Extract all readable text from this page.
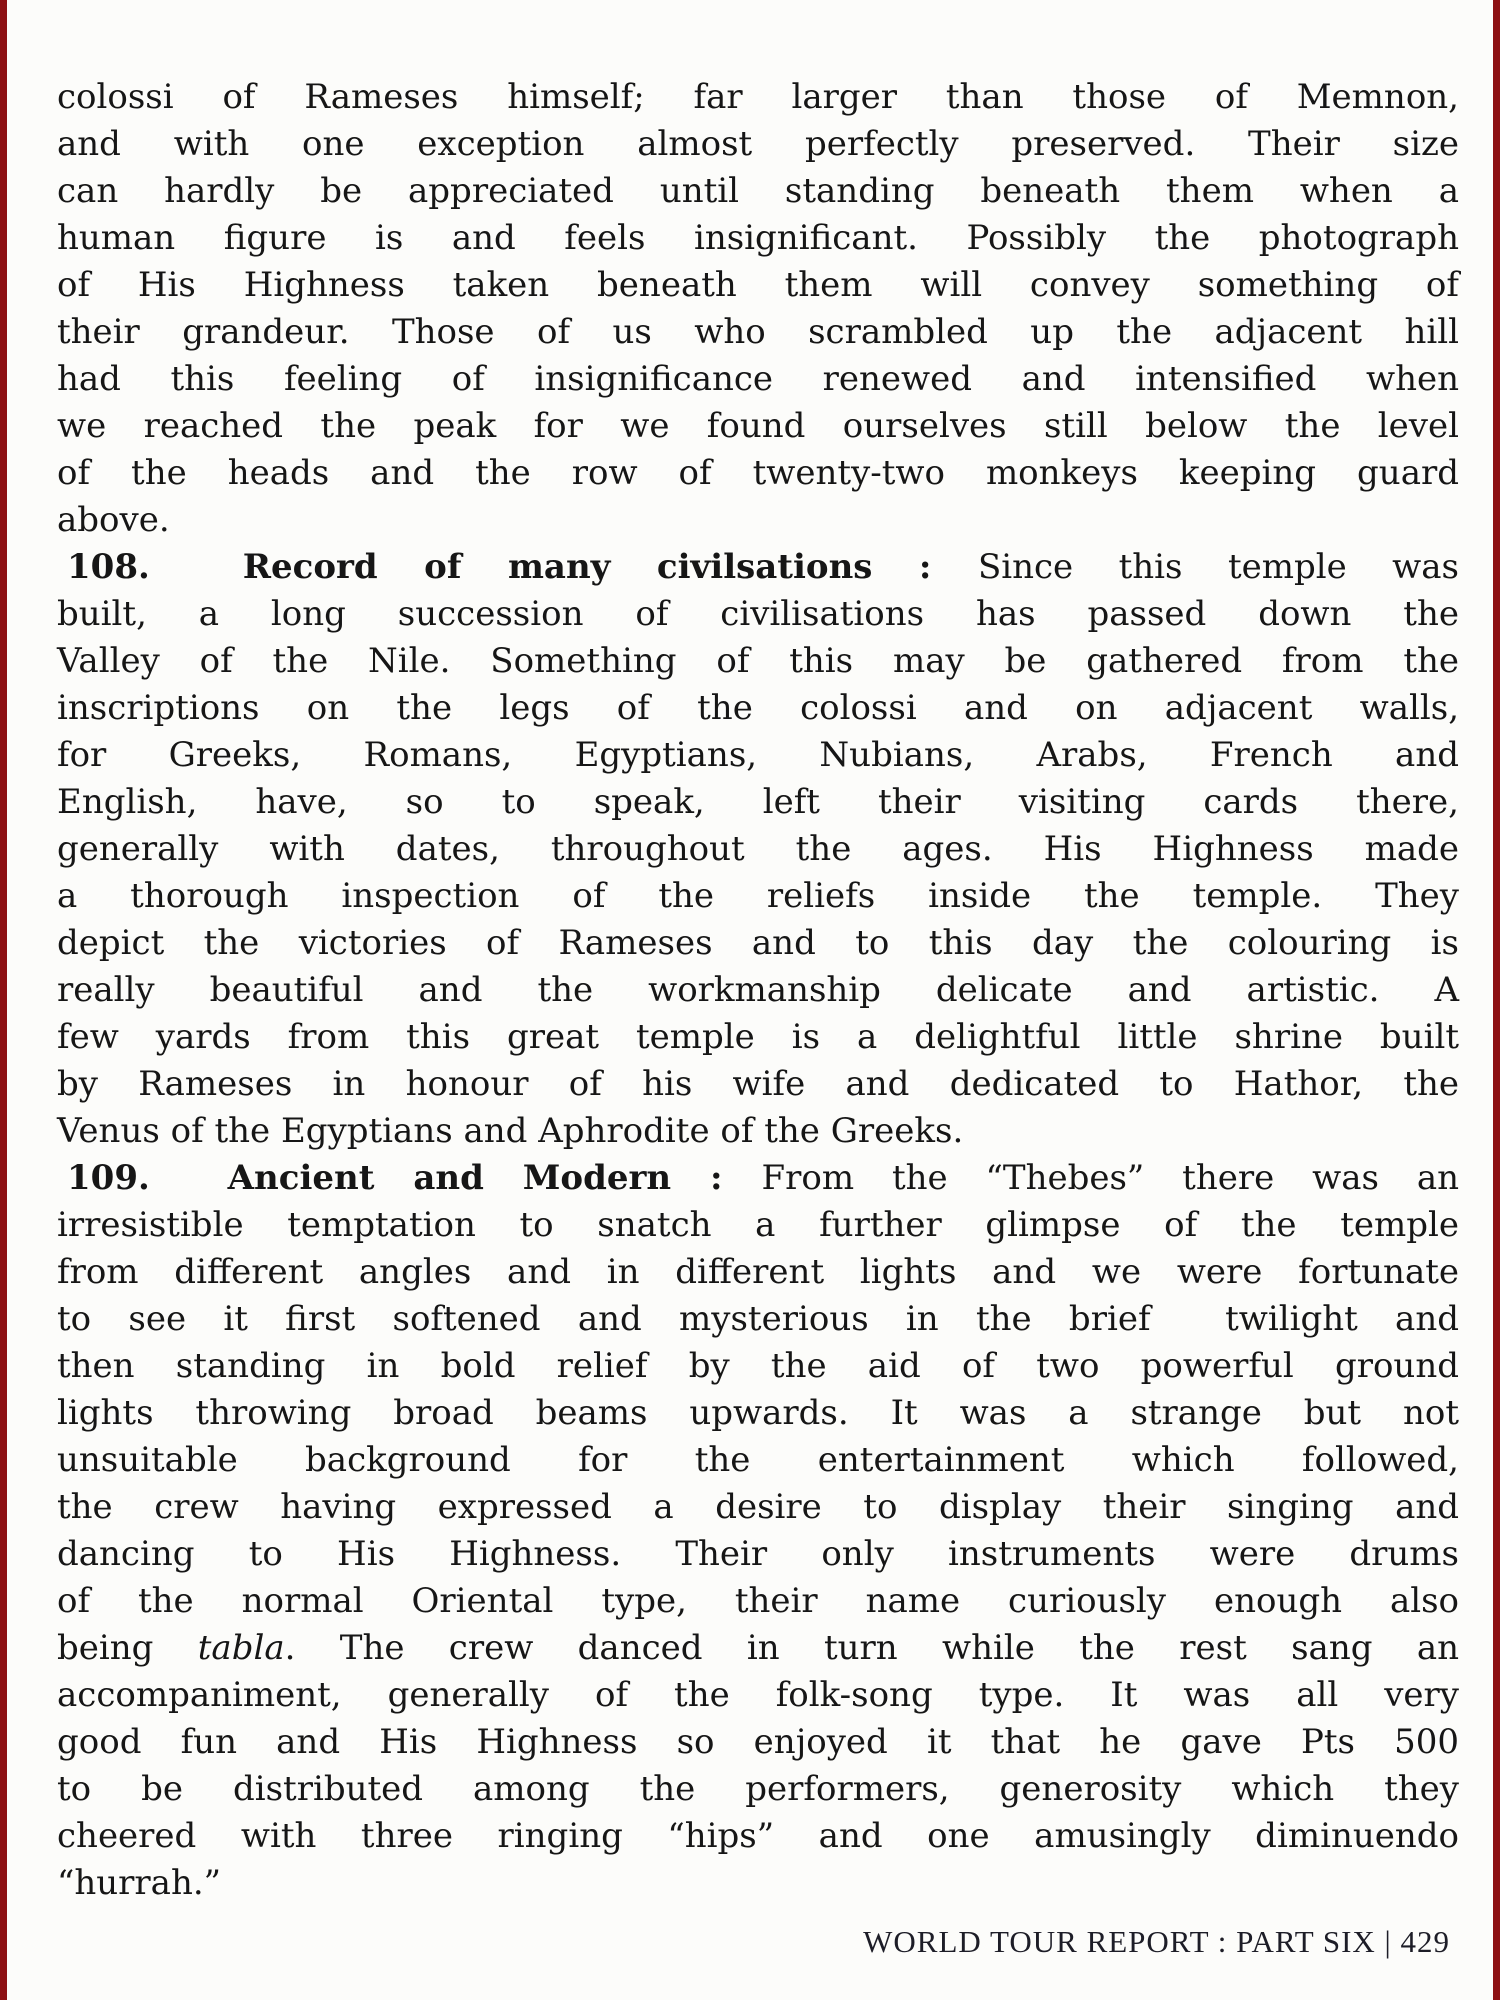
colossi of Rameses himself; far larger than those of Memnon,
and with one exception almost perfectly preserved. Their size
can hardly be appreciated until standing beneath them when a
human figure is and feels insignificant. Possibly the photograph
of His Highness taken beneath them will convey something of
their grandeur. Those of us who scrambled up the adjacent hill
had this feeling of insignificance renewed and intensified when
we reached the peak for we found ourselves still below the level
of the heads and the row of twenty-two monkeys keeping guard
above.
108.  Record of many civilsations : Since this temple was
built, a long succession of civilisations has passed down the
Valley of the Nile. Something of this may be gathered from the
inscriptions on the legs of the colossi and on adjacent walls,
for Greeks, Romans, Egyptians, Nubians, Arabs, French and
English, have, so to speak, left their visiting cards there,
generally with dates, throughout the ages. His Highness made
a thorough inspection of the reliefs inside the temple. They
depict the victories of Rameses and to this day the colouring is
really beautiful and the workmanship delicate and artistic. A
few yards from this great temple is a delightful little shrine built
by Rameses in honour of his wife and dedicated to Hathor, the
Venus of the Egyptians and Aphrodite of the Greeks.
109.  Ancient and Modern : From the “Thebes” there was an
irresistible temptation to snatch a further glimpse of the temple
from different angles and in different lights and we were fortunate
to see it first softened and mysterious in the brief  twilight and
then standing in bold relief by the aid of two powerful ground
lights throwing broad beams upwards. It was a strange but not
unsuitable background for the entertainment which followed,
the crew having expressed a desire to display their singing and
dancing to His Highness. Their only instruments were drums
of the normal Oriental type, their name curiously enough also
being tabla. The crew danced in turn while the rest sang an
accompaniment, generally of the folk-song type. It was all very
good fun and His Highness so enjoyed it that he gave Pts 500
to be distributed among the performers, generosity which they
cheered with three ringing “hips” and one amusingly diminuendo
“hurrah.”
WORLD TOUR REPORT : PART SIX | 429
